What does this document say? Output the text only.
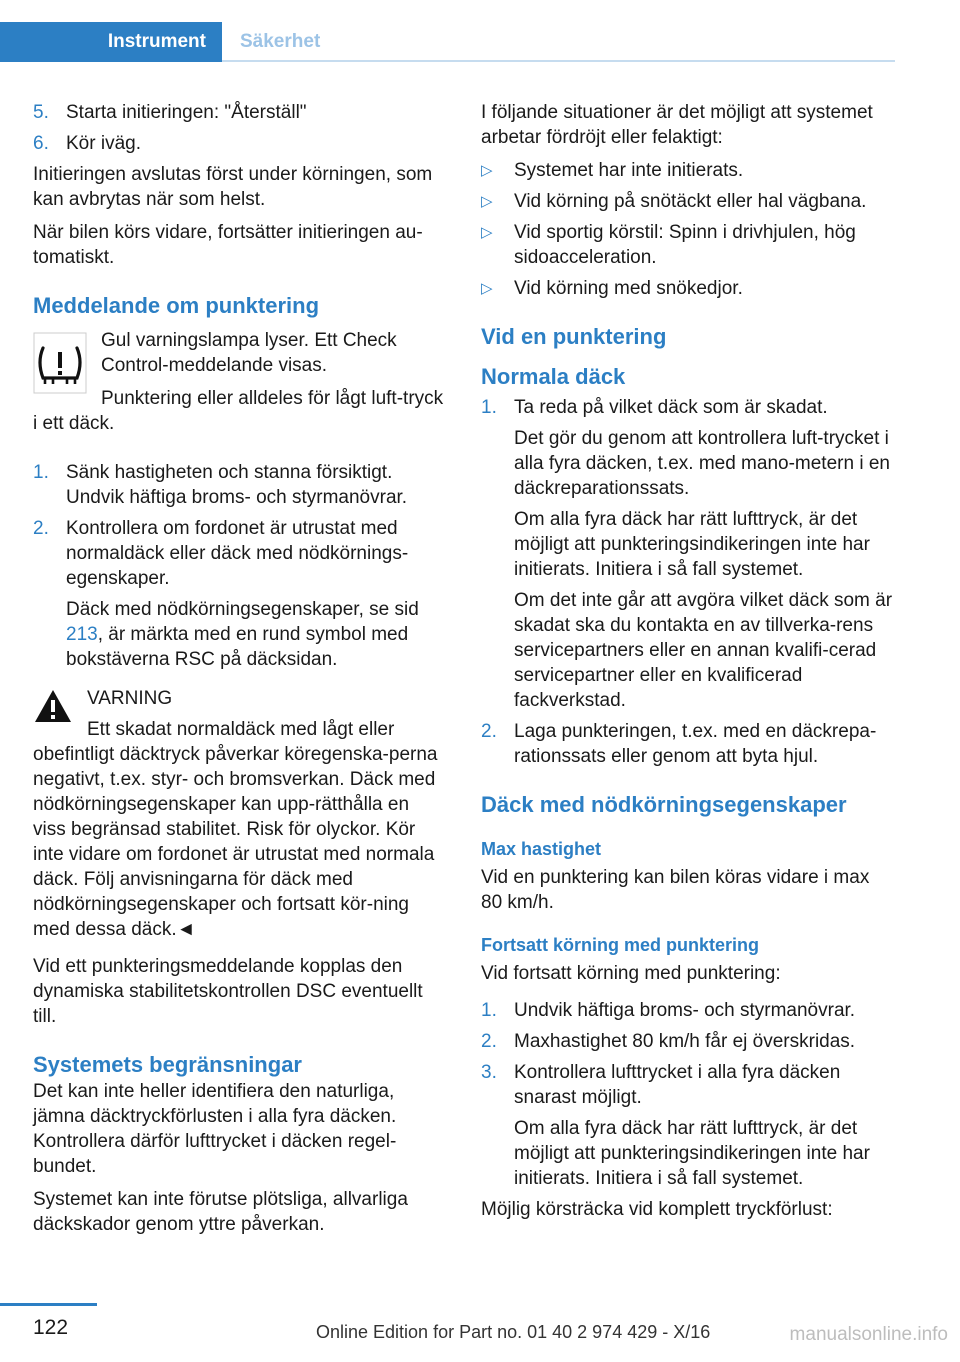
Instrument	Säkerhet
5. Starta initieringen: "Återställ"
6. Kör iväg.

Initieringen avslutas först under körningen, som kan avbrytas när som helst.

När bilen körs vidare, fortsätter initieringen au-tomatiskt.

Meddelande om punktering

Gul varningslampa lyser. Ett Check Control-meddelande visas.

Punktering eller alldeles för lågt luft-tryck i ett däck.

1. Sänk hastigheten och stanna försiktigt. Undvik häftiga broms- och styrmanövrar.
2. Kontrollera om fordonet är utrustat med normaldäck eller däck med nödkörnings-egenskaper.
Däck med nödkörningsegenskaper, se sid 213, är märkta med en rund symbol med bokstäverna RSC på däcksidan.

VARNING

Ett skadat normaldäck med lågt eller obefintligt däcktryck påverkar köregenska-perna negativt, t.ex. styr- och bromsverkan. Däck med nödkörningsegenskaper kan upp-rätthålla en viss begränsad stabilitet. Risk för olyckor. Kör inte vidare om fordonet är utrustat med normala däck. Följ anvisningarna för däck med nödkörningsegenskaper och fortsatt kör-ning med dessa däck.◄

Vid ett punkteringsmeddelande kopplas den dynamiska stabilitetskontrollen DSC eventuellt till.

Systemets begränsningar

Det kan inte heller identifiera den naturliga, jämna däcktryckförlusten i alla fyra däcken. Kontrollera därför lufttrycket i däcken regel-bundet.

Systemet kan inte förutse plötsliga, allvarliga däckskador genom yttre påverkan.

I följande situationer är det möjligt att systemet arbetar fördröjt eller felaktigt:

▷ Systemet har inte initierats.
▷ Vid körning på snötäckt eller hal vägbana.
▷ Vid sportig körstil: Spinn i drivhjulen, hög sidoacceleration.
▷ Vid körning med snökedjor.
Vid en punktering
Normala däck
1. Ta reda på vilket däck som är skadat.
Det gör du genom att kontrollera luft-trycket i alla fyra däcken, t.ex. med mano-metern i en däckreparationssats.
Om alla fyra däck har rätt lufttryck, är det möjligt att punkteringsindikeringen inte har initierats. Initiera i så fall systemet.
Om det inte går att avgöra vilket däck som är skadat ska du kontakta en av tillverka-rens servicepartners eller en annan kvalifi-cerad servicepartner eller en kvalificerad fackverkstad.
2. Laga punkteringen, t.ex. med en däckrepa-rationssats eller genom att byta hjul.
Däck med nödkörningsegenskaper
Max hastighet

Vid en punktering kan bilen köras vidare i max 80 km/h.

Fortsatt körning med punktering

Vid fortsatt körning med punktering:

1. Undvik häftiga broms- och styrmanövrar.
2. Maxhastighet 80 km/h får ej överskridas.
3. Kontrollera lufttrycket i alla fyra däcken snarast möjligt.
Om alla fyra däck har rätt lufttryck, är det möjligt att punkteringsindikeringen inte har initierats. Initiera i så fall systemet.

Möjlig körsträcka vid komplett tryckförlust:

122	Online Edition for Part no. 01 40 2 974 429 - X/16	manualsonline.info
